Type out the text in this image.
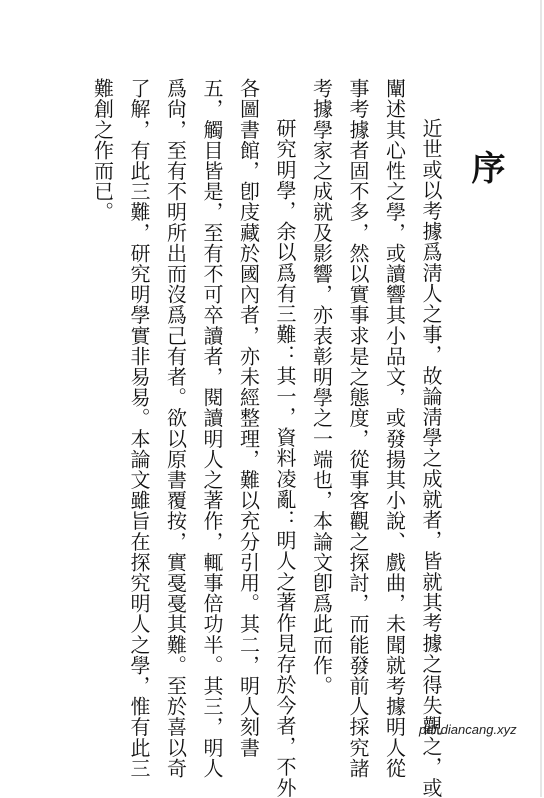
序

近世或以考據爲淸人之事，故論淸學之成就者，皆就其考據之得失觀之，或闡述其心性之學，或讀響其小品文，或發揚其小說、戲曲，未聞就考據明人從事考據者固不多，然以實事求是之態度，從事客觀之探討，而能發前人採究諸考據學家之成就及影響，亦表彰明學之一端也，本論文卽爲此而作。

研究明學，余以爲有三難：其一，資料凌亂：明人之著作見存於今者，不外各圖書館，卽庋藏於國內者，亦未經整理，難以充分引用。其二，明人刻書五，觸目皆是，至有不可卒讀者，閱讀明人之著作，輒事倍功半。其三，明人爲尙，至有不明所出而沒爲己有者。欲以原書覆按，實戞戞其難。至於喜以奇了解，有此三難，研究明學實非易易。本論文雖旨在探究明人之學，惟有此三難創之作而已。

pdf.diancang.xyz
